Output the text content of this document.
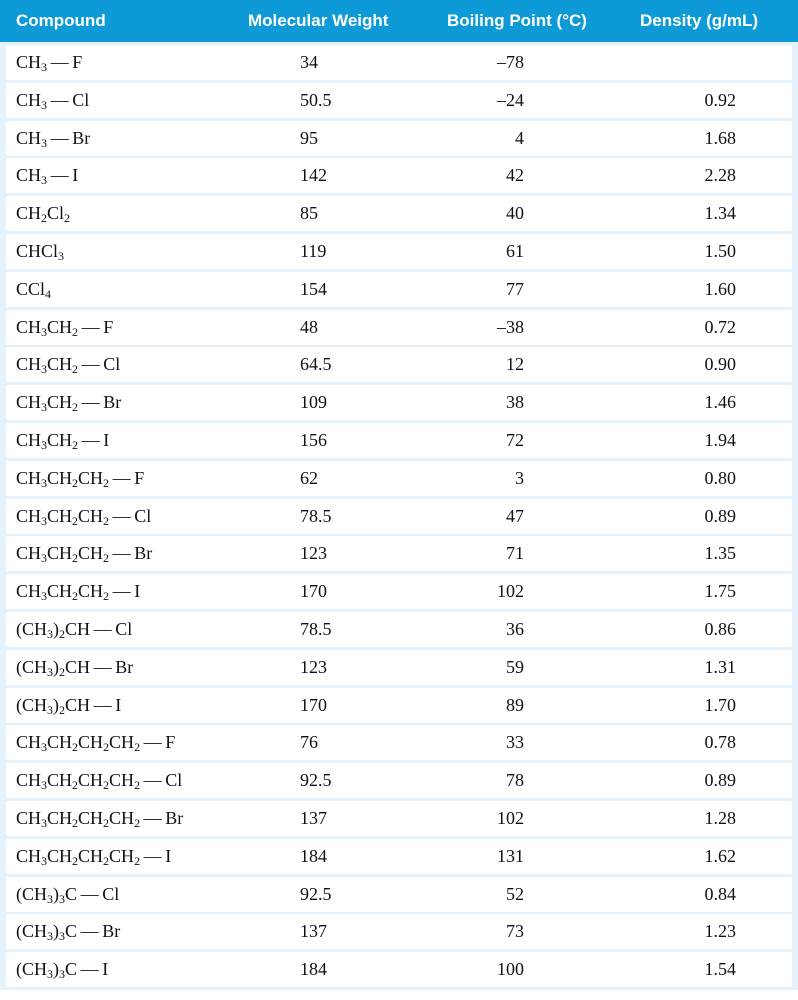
Compound	Molecular Weight	Boiling Point (°C)	Density (g/mL)
$CH_3$ — F	34	–78
$CH_3$ — Cl	50.5	–24	0.92
$CH_3$ — Br	95	4	1.68
$CH_3$ — I	142	42	2.28
$CH_2Cl_2$	85	40	1.34
CHCl$_3$	119	61	1.50
CCl$_4$	154	77	1.60
$CH_3CH_2$ — F	48	–38	0.72
$CH_3CH_2$ — Cl	64.5	12	0.90
$CH_3CH_2$ — Br	109	38	1.46
$CH_3CH_2$ — I	156	72	1.94
$CH_3CH_2CH_2$ — F	62	3	0.80
$CH_3CH_2CH_2$ — Cl	78.5	47	0.89
$CH_3CH_2CH_2$ — Br	123	71	1.35
$CH_3CH_2CH_2$ — I	170	102	1.75
$(CH_3)_2CH$ — Cl	78.5	36	0.86
$(CH_3)_2CH$ — Br	123	59	1.31
$(CH_3)_2CH$ — I	170	89	1.70
$CH_3CH_2CH_2CH_2$ — F	76	33	0.78
$CH_3CH_2CH_2CH_2$ — Cl	92.5	78	0.89
$CH_3CH_2CH_2CH_2$ — Br	137	102	1.28
$CH_3CH_2CH_2CH_2$ — I	184	131	1.62
$(CH_3)_3C$ — Cl	92.5	52	0.84
$(CH_3)_3C$ — Br	137	73	1.23
$(CH_3)_3C$ — I	184	100	1.54
